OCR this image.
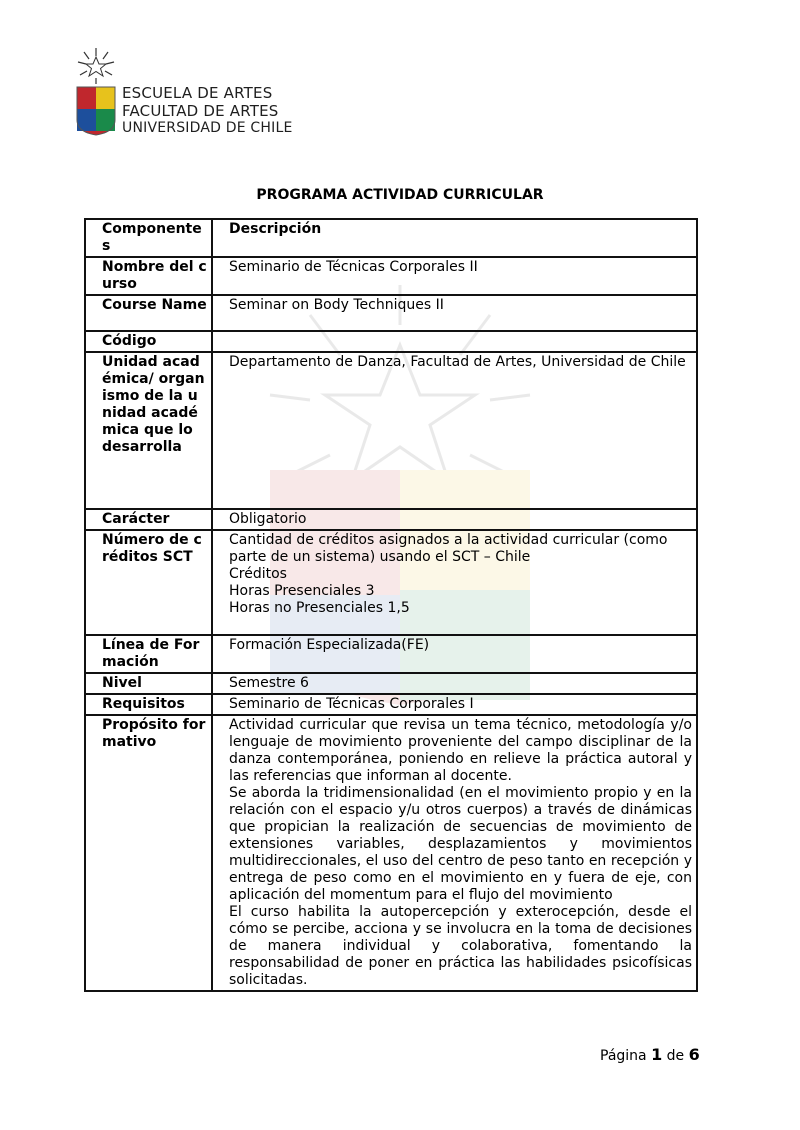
ESCUELA DE ARTES
FACULTAD DE ARTES
UNIVERSIDAD DE CHILE
PROGRAMA ACTIVIDAD CURRICULAR
Componentes	Descripción
Nombre del curso	Seminario de Técnicas Corporales II
Course Name	Seminar on Body Techniques II
Código	
Unidad académica/ organismo de la unidad académica que lo desarrolla	Departamento de Danza, Facultad de Artes, Universidad de Chile
Carácter	Obligatorio
Número de créditos SCT	Cantidad de créditos asignados a la actividad curricular (como parte de un sistema) usando el SCT – Chile
Créditos
Horas Presenciales 3
Horas no Presenciales 1,5

Línea de Formación	Formación Especializada(FE)
Nivel	Semestre 6
Requisitos	Seminario de Técnicas Corporales I
Propósito formativo	Actividad curricular que revisa un tema técnico, metodología y/o lenguaje de movimiento proveniente del campo disciplinar de la danza contemporánea, poniendo en relieve la práctica autoral y las referencias que informan al docente.

Se aborda la tridimensionalidad (en el movimiento propio y en la relación con el espacio y/u otros cuerpos) a través de dinámicas que propician la realización de secuencias de movimiento de extensiones variables, desplazamientos y movimientos multidireccionales, el uso del centro de peso tanto en recepción y entrega de peso como en el movimiento en y fuera de eje, con aplicación del momentum para el flujo del movimiento

El curso habilita la autopercepción y exterocepción, desde el cómo se percibe, acciona y se involucra en la toma de decisiones de manera individual y colaborativa, fomentando la responsabilidad de poner en práctica las habilidades psicofísicas solicitadas.

Página 1 de 6
